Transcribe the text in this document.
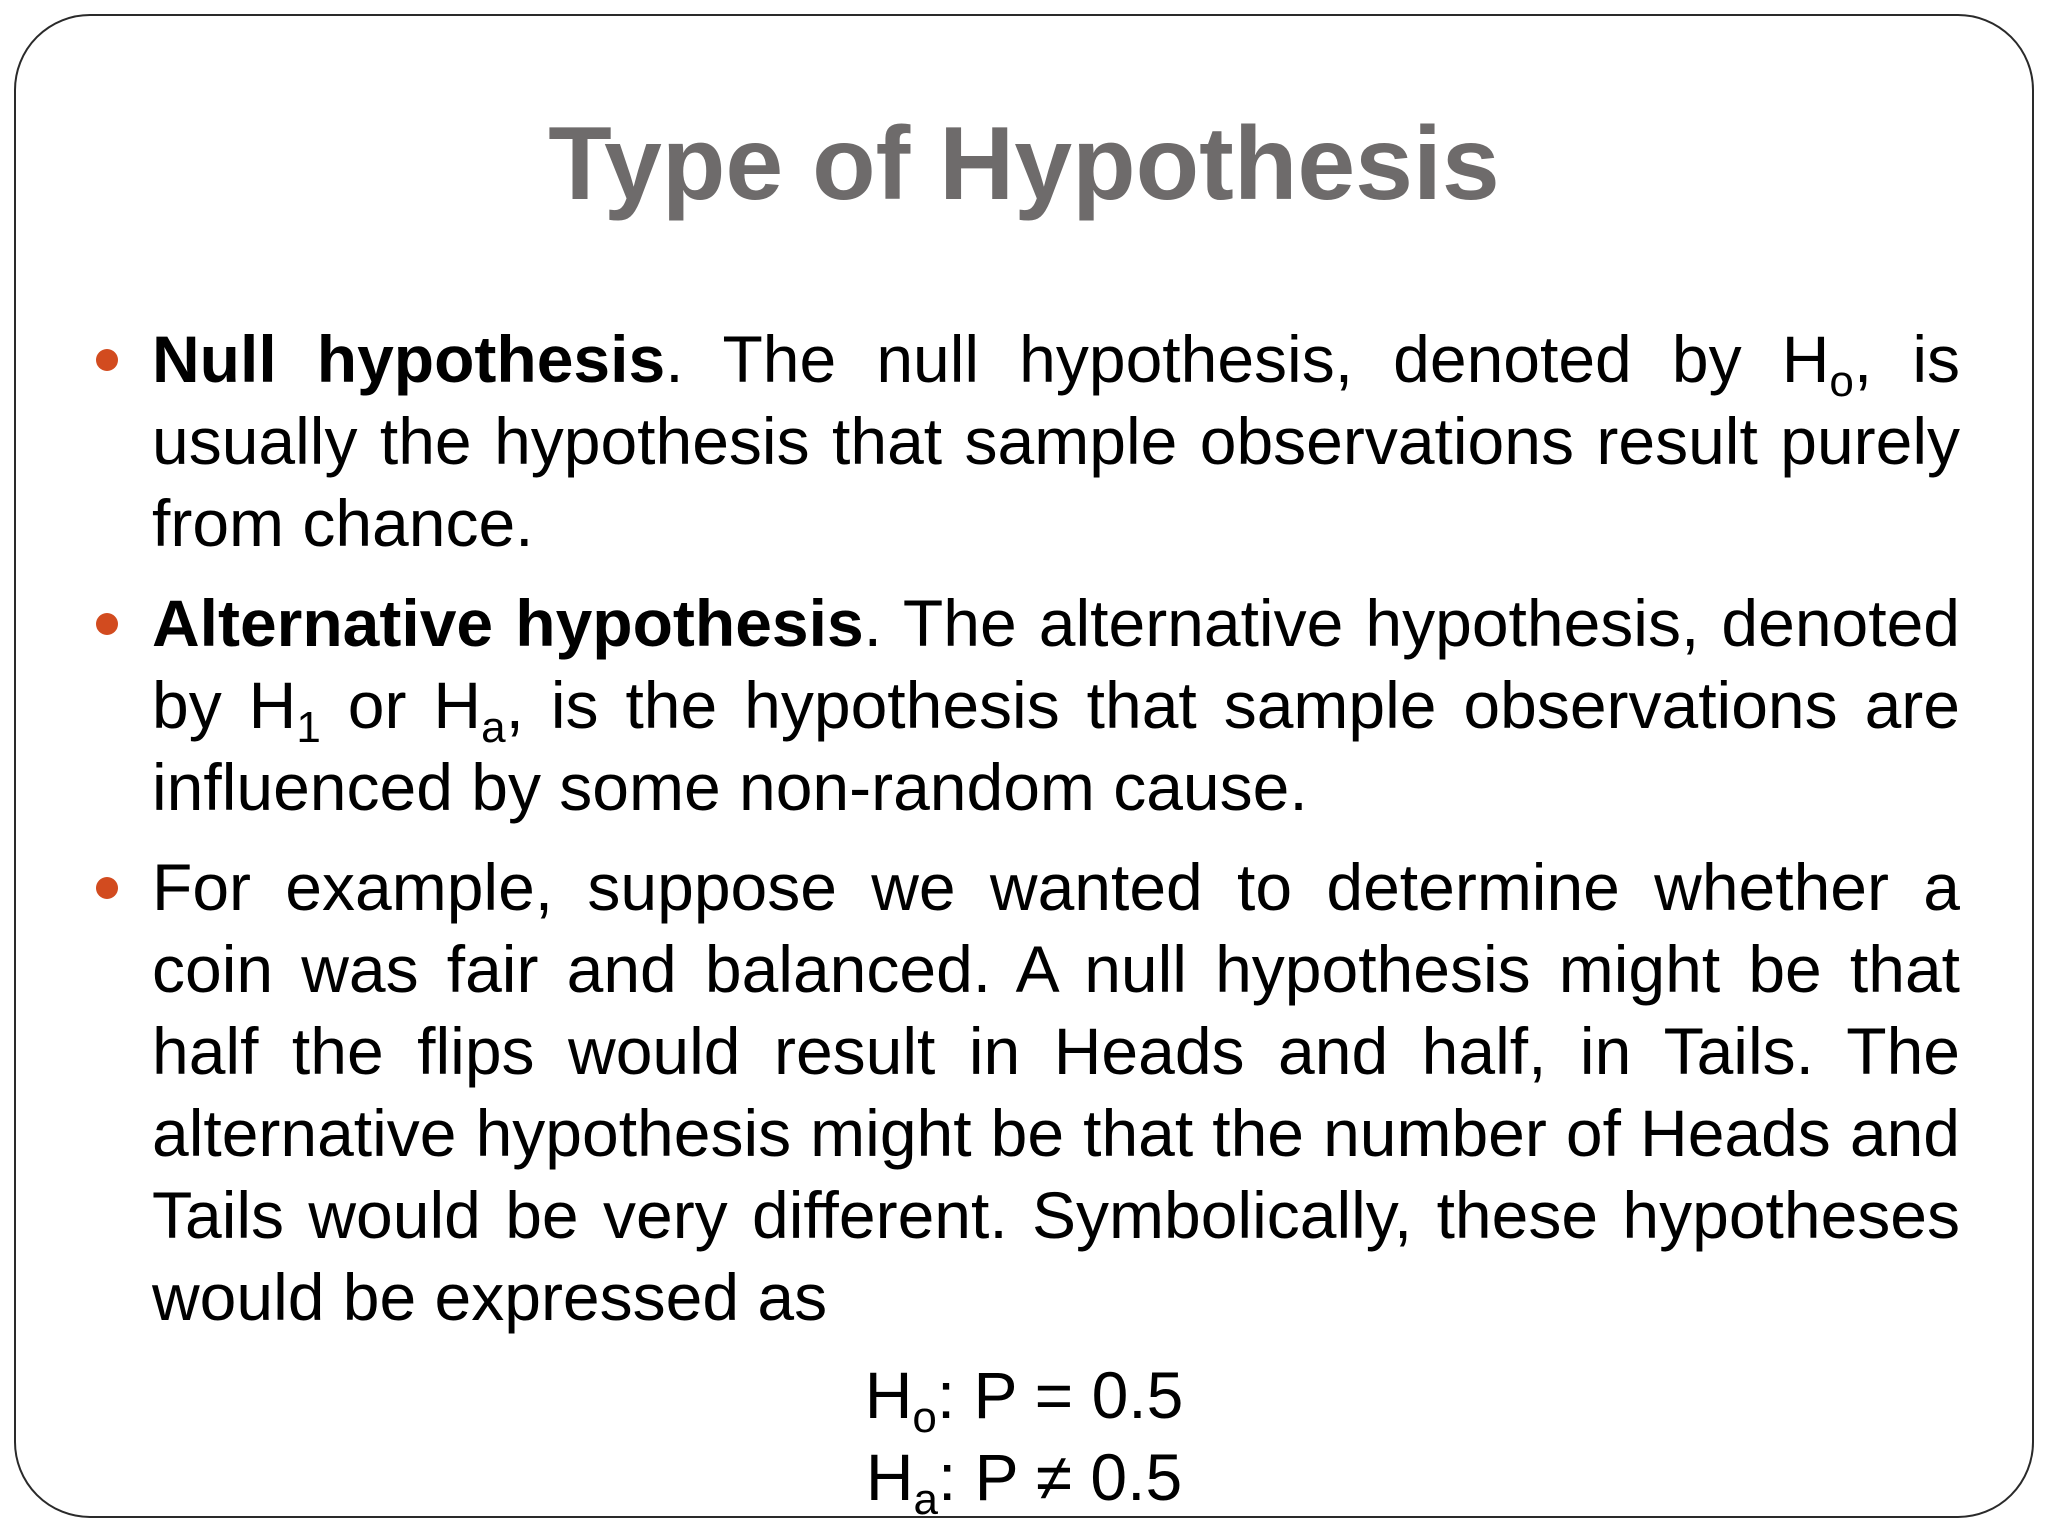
Type of Hypothesis
Null hypothesis. The null hypothesis, denoted by $H_o$, is usually the hypothesis that sample observations result purely from chance.
Alternative hypothesis. The alternative hypothesis, denoted by $H_1$ or $H_a$, is the hypothesis that sample observations are influenced by some non-random cause.
For example, suppose we wanted to determine whether a coin was fair and balanced. A null hypothesis might be that half the flips would result in Heads and half, in Tails. The alternative hypothesis might be that the number of Heads and Tails would be very different. Symbolically, these hypotheses would be expressed as
$H_o$: P = 0.5
$H_a$: P ≠ 0.5
